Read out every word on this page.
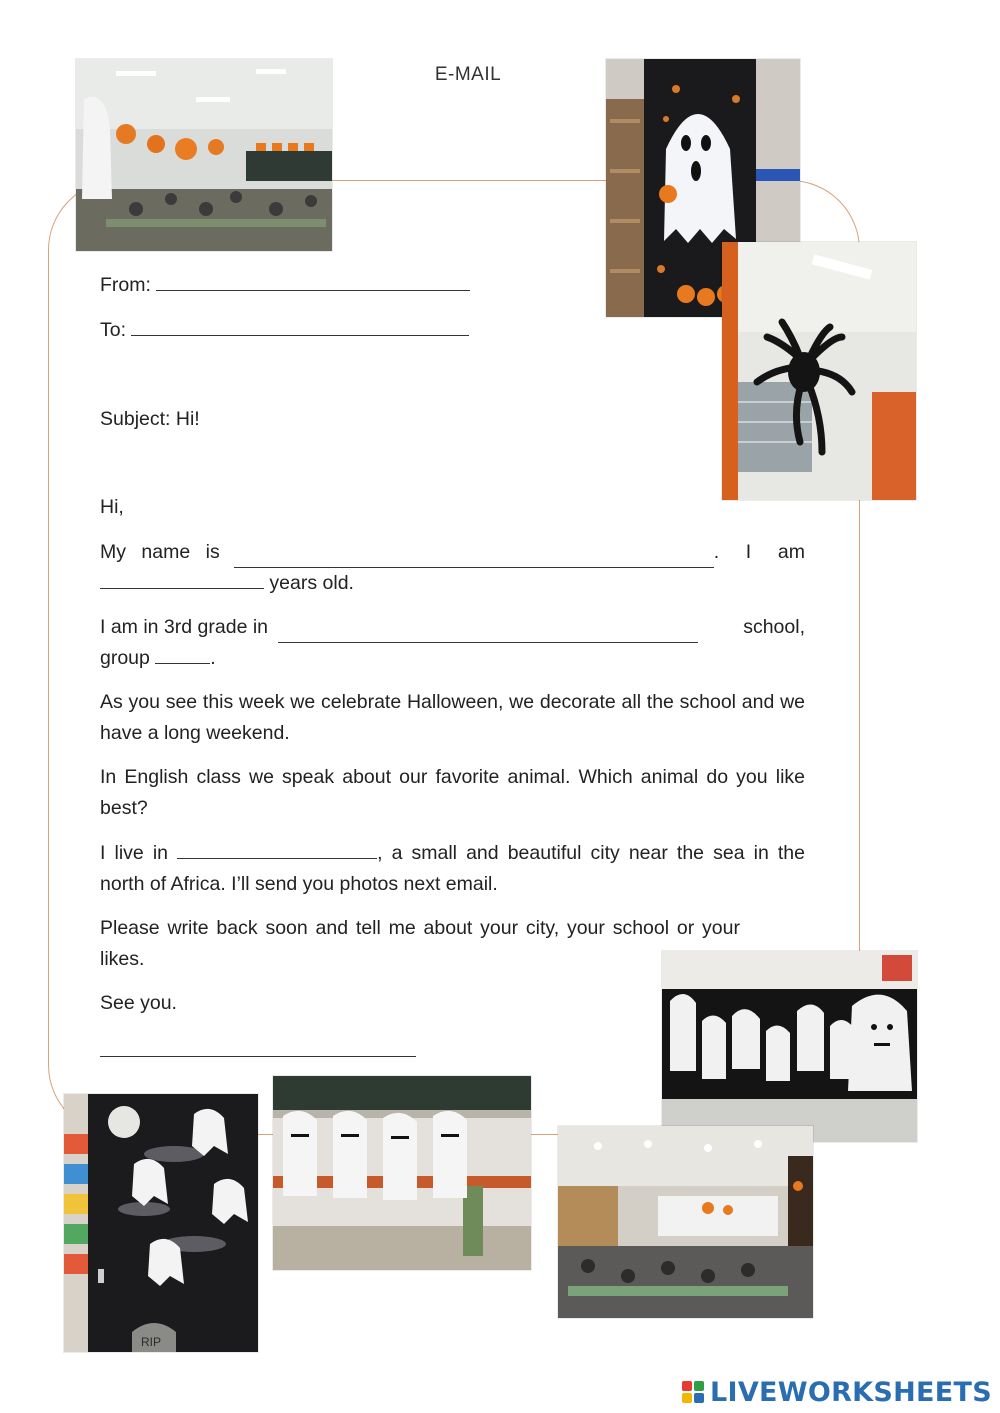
E-MAIL
From:
To:
Subject: Hi!
Hi,
My name is	. I am
years old.
I am in 3rd grade in	school,
group	.
As you see this week we celebrate Halloween, we decorate all the school and we have a long weekend.
In English class we speak about our favorite animal. Which animal do you like best?
I live in	, a small and beautiful city near the sea in the north of Africa. I’ll send you photos next email.
Please write back soon and tell me about your city, your school or your likes.
See you.
RIP
LIVEWORKSHEETS
